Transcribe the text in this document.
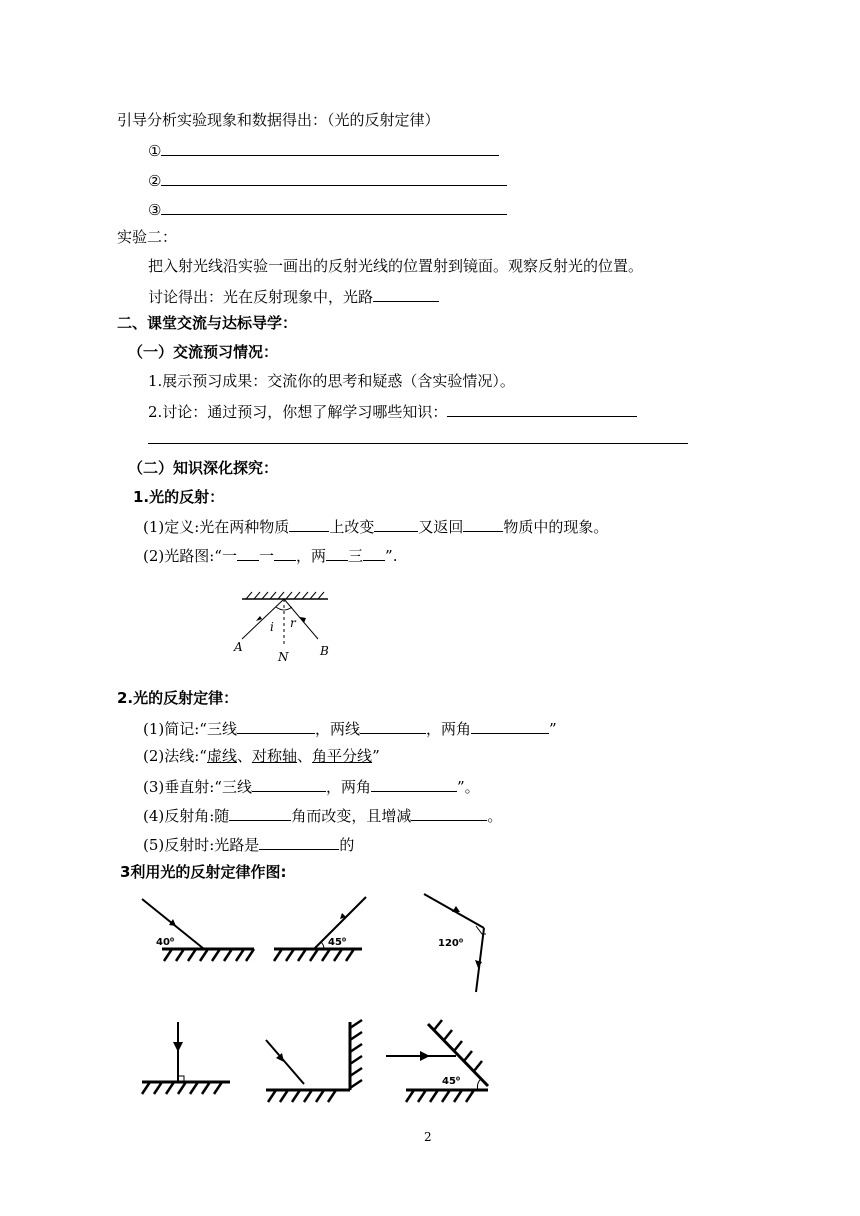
引导分析实验现象和数据得出：（光的反射定律）
①
②
③
实验二：
把入射光线沿实验一画出的反射光线的位置射到镜面。观察反射光的位置。
讨论得出：光在反射现象中，光路
二、课堂交流与达标导学：
（一）交流预习情况：
1.展示预习成果：交流你的思考和疑惑（含实验情况）。
2.讨论：通过预习，你想了解学习哪些知识：
（二）知识深化探究：
1.光的反射：
(1)定义:光在两种物质	上改变	又返回	物质中的现象。
(2)光路图:“一 一 ，两 三 ”.
A	B
N
i r
2.光的反射定律：
(1)简记:“三线	，两线	，两角	”
(2)法线:“虚线、对称轴、角平分线”
(3)垂直射:“三线	，两角	”。
(4)反射角:随	角而改变，且增减	。
(5)反射时:光路是	的
3利用光的反射定律作图:
40⁰	45⁰	120⁰
45⁰
2
